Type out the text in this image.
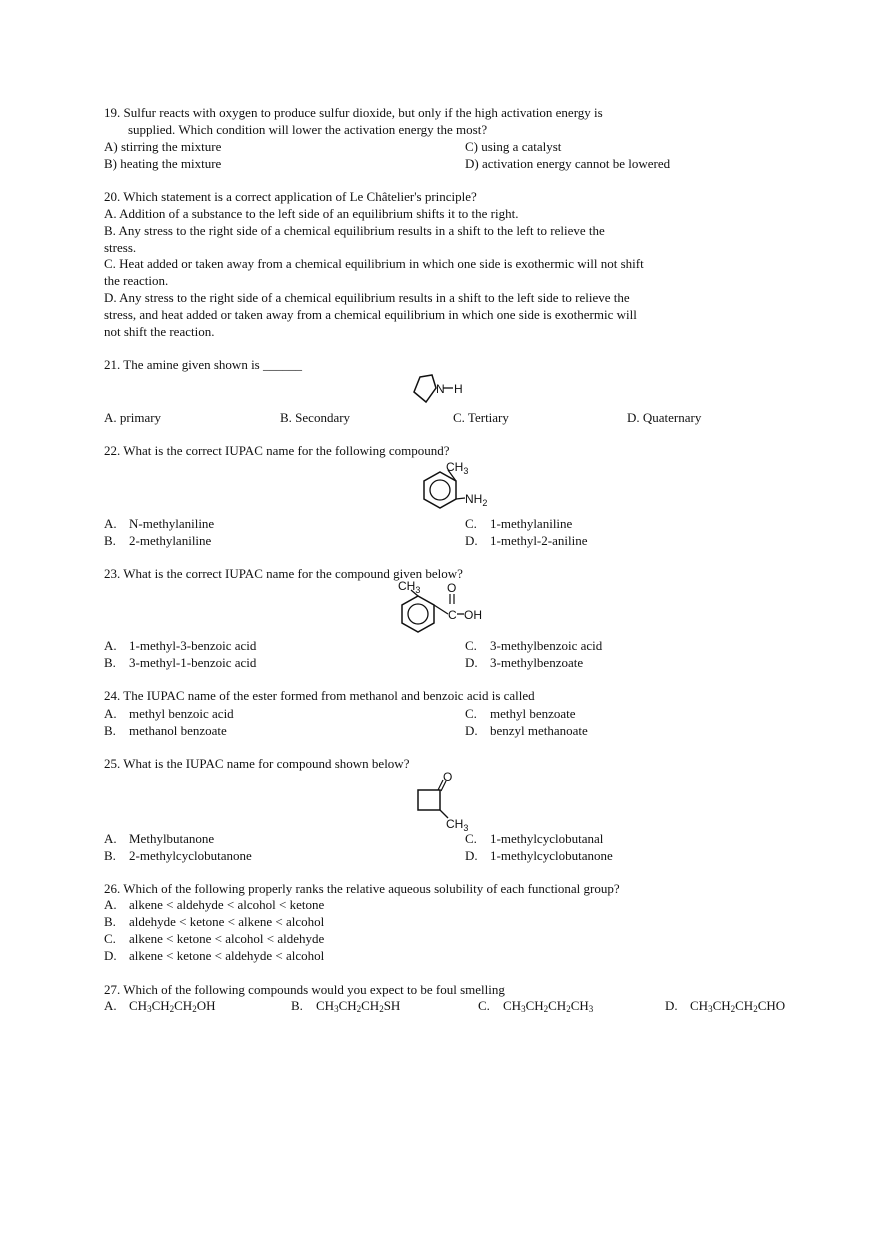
19. Sulfur reacts with oxygen to produce sulfur dioxide, but only if the high activation energy is
supplied. Which condition will lower the activation energy the most?
A) stirring the mixture	C) using a catalyst
B) heating the mixture	D) activation energy cannot be lowered
20. Which statement is a correct application of Le Châtelier's principle?
A. Addition of a substance to the left side of an equilibrium shifts it to the right.
B. Any stress to the right side of a chemical equilibrium results in a shift to the left to relieve the
stress.
C. Heat added or taken away from a chemical equilibrium in which one side is exothermic will not shift
the reaction.
D. Any stress to the right side of a chemical equilibrium results in a shift to the left side to relieve the
stress, and heat added or taken away from a chemical equilibrium in which one side is exothermic will
not shift the reaction.
21. The amine given shown is ______
N H
A. primary	B. Secondary	C. Tertiary	D. Quaternary
22. What is the correct IUPAC name for the following compound?
$CH_3$
$NH_2$
A. N-methylaniline	C. 1-methylaniline
B. 2-methylaniline	D. 1-methyl-2-aniline
23. What is the correct IUPAC name for the compound given below?
$CH_3$ O
C OH
A. 1-methyl-3-benzoic acid	C. 3-methylbenzoic acid
B. 3-methyl-1-benzoic acid	D. 3-methylbenzoate
24. The IUPAC name of the ester formed from methanol and benzoic acid is called
A. methyl benzoic acid	C. methyl benzoate
B. methanol benzoate	D. benzyl methanoate
25. What is the IUPAC name for compound shown below?
O
$CH_3$
A. Methylbutanone	C. 1-methylcyclobutanal
B. 2-methylcyclobutanone	D. 1-methylcyclobutanone
26. Which of the following properly ranks the relative aqueous solubility of each functional group?
A. alkene < aldehyde < alcohol < ketone
B. aldehyde < ketone < alkene < alcohol
C. alkene < ketone < alcohol < aldehyde
D. alkene < ketone < aldehyde < alcohol
27. Which of the following compounds would you expect to be foul smelling
A. $CH_3CH_2CH_2OH$	B. $CH_3CH_2CH_2SH$	C. $CH_3CH_2CH_2CH_3$	D. $CH_3CH_2CH_2CHO$
